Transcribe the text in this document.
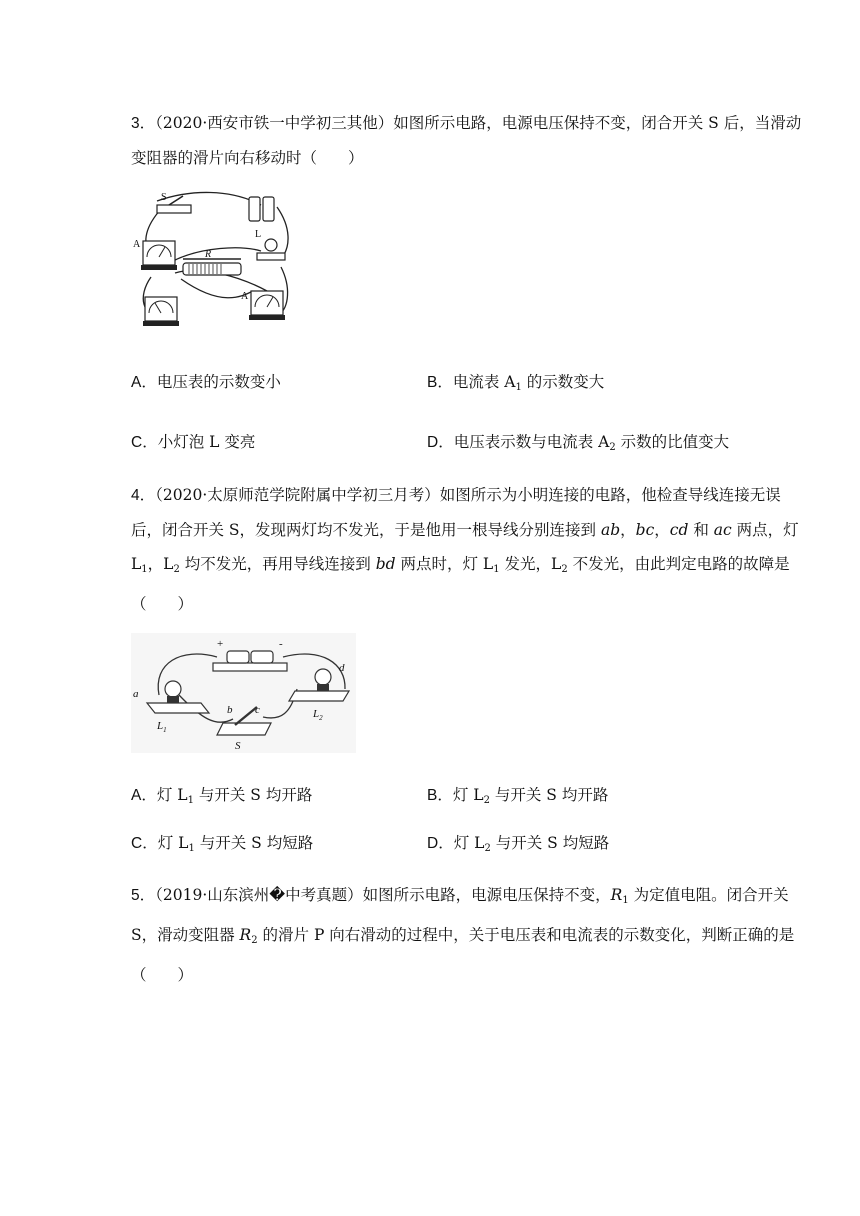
3．（2020·西安市铁一中学初三其他）如图所示电路，电源电压保持不变，闭合开关 S 后，当滑动变阻器的滑片向右移动时（　　）

S
A
L
R
A
A．电压表的示数变小	B．电流表 $A_1$ 的示数变大
C．小灯泡 L 变亮	D．电压表示数与电流表 $A_2$ 示数的比值变大

4．（2020·太原师范学院附属中学初三月考）如图所示为小明连接的电路，他检查导线连接无误后，闭合开关 S，发现两灯均不发光，于是他用一根导线分别连接到 ab，bc，cd 和 ac 两点，灯 $L_1$，$L_2$ 均不发光，再用导线连接到 bd 两点时，灯 $L_1$ 发光，$L_2$ 不发光，由此判定电路的故障是（　　）

+	-
a
b c
d
$L_1$
$L_2$
S
A．灯 $L_1$ 与开关 S 均开路	B．灯 $L_2$ 与开关 S 均开路
C．灯 $L_1$ 与开关 S 均短路	D．灯 $L_2$ 与开关 S 均短路

5．（2019·山东滨州�中考真题）如图所示电路，电源电压保持不变，$R_1$ 为定值电阻。闭合开关 S，滑动变阻器 $R_2$ 的滑片 P 向右滑动的过程中，关于电压表和电流表的示数变化，判断正确的是（　　）
